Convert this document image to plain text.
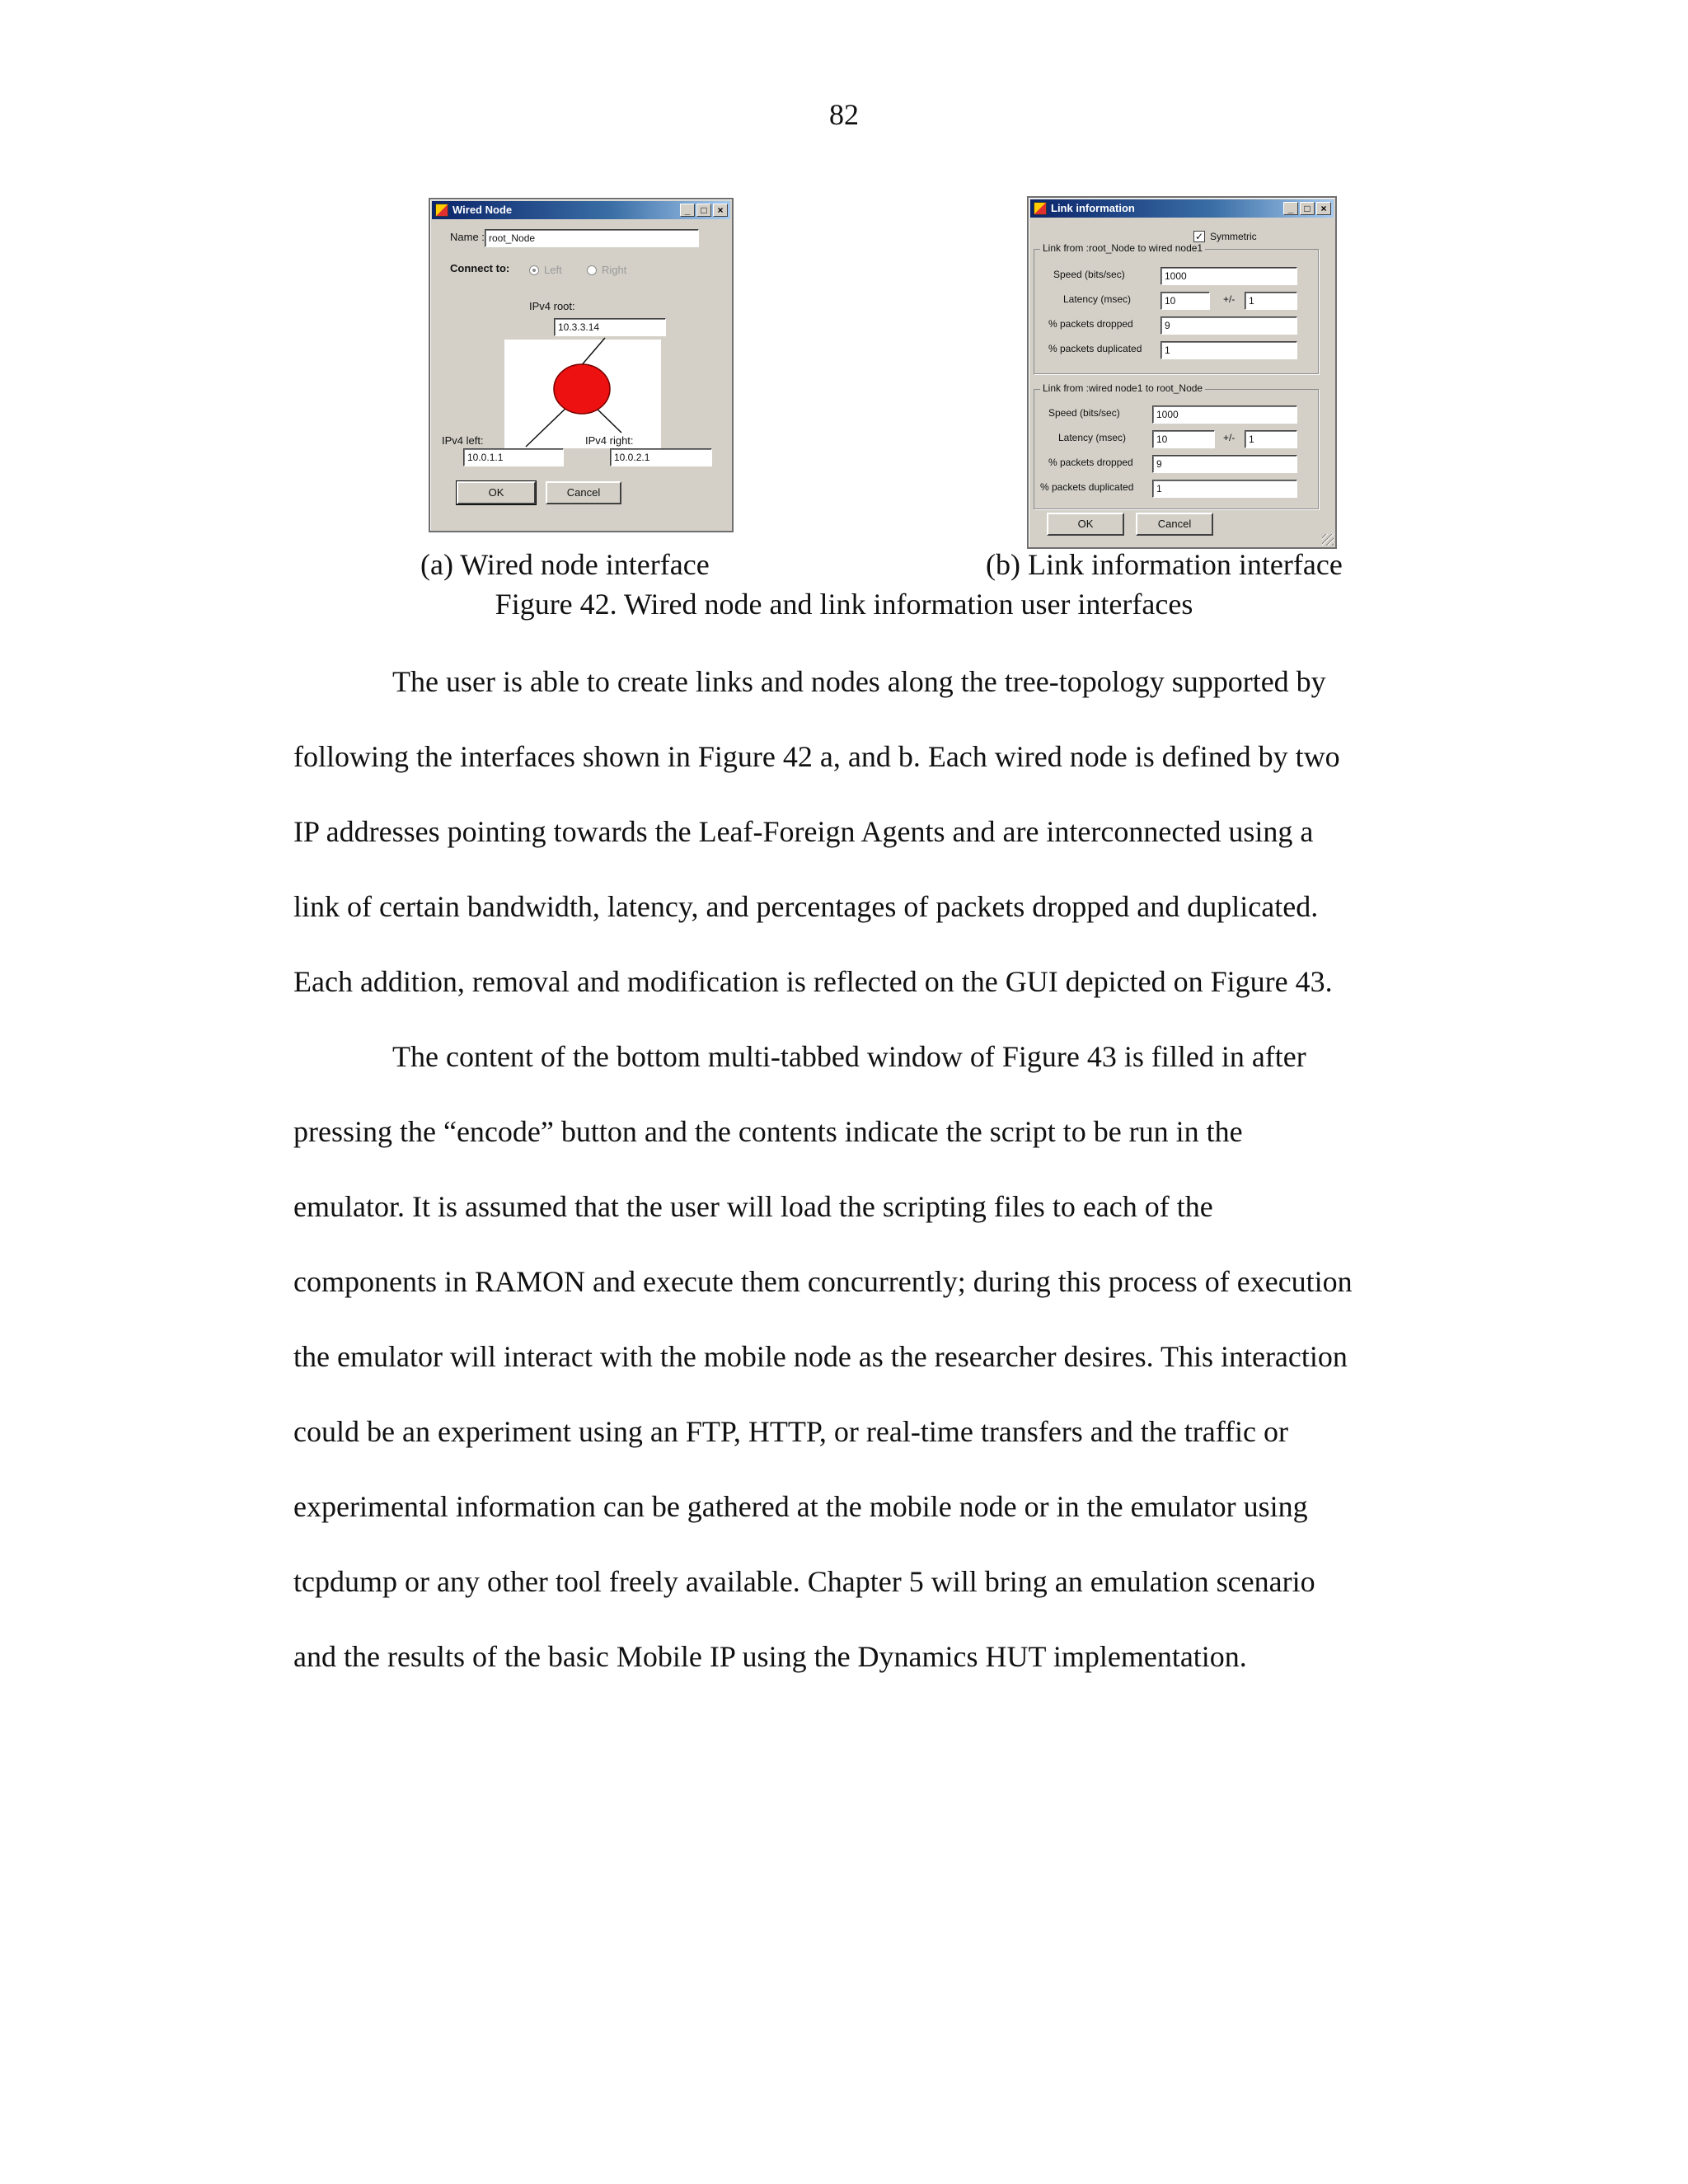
82
Wired Node	_	□	×
Name : root_Node
Connect to:	Left	Right
IPv4 root:
10.3.3.14
IPv4 left:	IPv4 right:
10.0.1.1	10.0.2.1
OK	Cancel
Link information	_	□	×
✓ Symmetric
Link from :root_Node to wired node1
Speed (bits/sec)	1000
Latency (msec)	10	+/-	1
% packets dropped	9
% packets duplicated	1
Link from :wired node1 to root_Node
Speed (bits/sec)	1000
Latency (msec)	10	+/-	1
% packets dropped	9
% packets duplicated	1
OK	Cancel
(a) Wired node interface	(b) Link information interface
Figure 42. Wired node and link information user interfaces
The user is able to create links and nodes along the tree-topology supported by
following the interfaces shown in Figure 42 a, and b. Each wired node is defined by two
IP addresses pointing towards the Leaf-Foreign Agents and are interconnected using a
link of certain bandwidth, latency, and percentages of packets dropped and duplicated.
Each addition, removal and modification is reflected on the GUI depicted on Figure 43.
The content of the bottom multi-tabbed window of Figure 43 is filled in after
pressing the “encode” button and the contents indicate the script to be run in the
emulator. It is assumed that the user will load the scripting files to each of the
components in RAMON and execute them concurrently; during this process of execution
the emulator will interact with the mobile node as the researcher desires. This interaction
could be an experiment using an FTP, HTTP, or real-time transfers and the traffic or
experimental information can be gathered at the mobile node or in the emulator using
tcpdump or any other tool freely available. Chapter 5 will bring an emulation scenario
and the results of the basic Mobile IP using the Dynamics HUT implementation.
